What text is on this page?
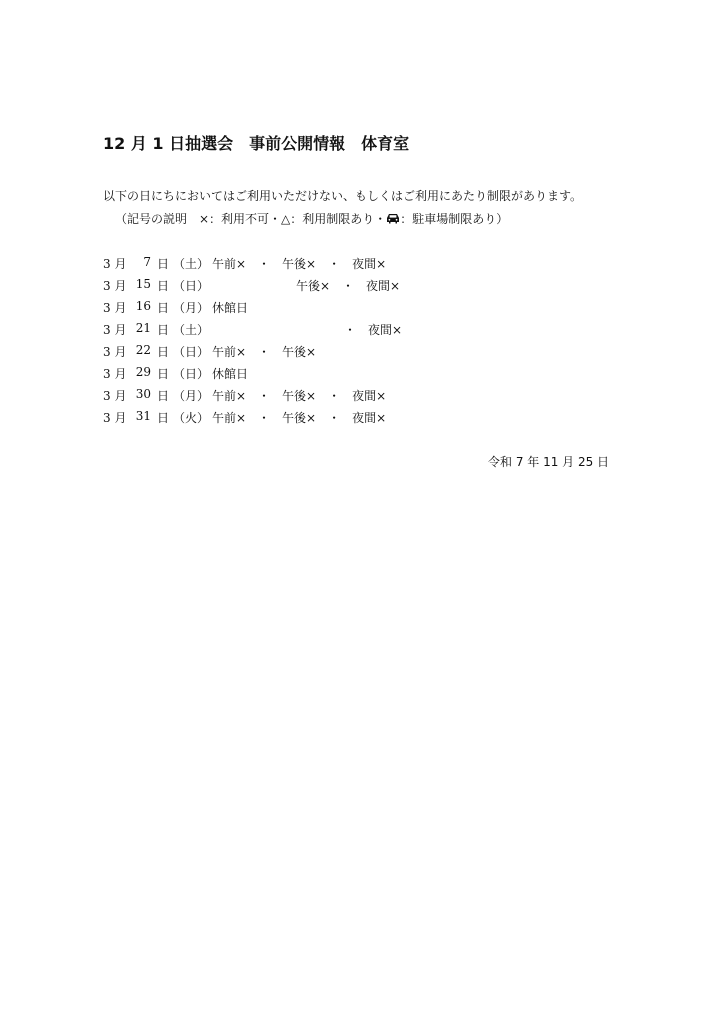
12 月 1 日抽選会　事前公開情報　体育室
以下の日にちにおいてはご利用いただけない、もしくはご利用にあたり制限があります。
（記号の説明　×：利用不可・△：利用制限あり・ ：駐車場制限あり）
3 月	7 日 （土） 午前×　・　午後×　・　夜間×
3 月 15 日 （日） 　　　　　　　午後×　・　夜間×
3 月 16 日 （月） 休館日
3 月 21 日 （土） 　　　　　　　　　　　・　夜間×
3 月 22 日 （日） 午前×　・　午後×
3 月 29 日 （日） 休館日
3 月 30 日 （月） 午前×　・　午後×　・　夜間×
3 月 31 日 （火） 午前×　・　午後×　・　夜間×
令和 7 年 11 月 25 日
